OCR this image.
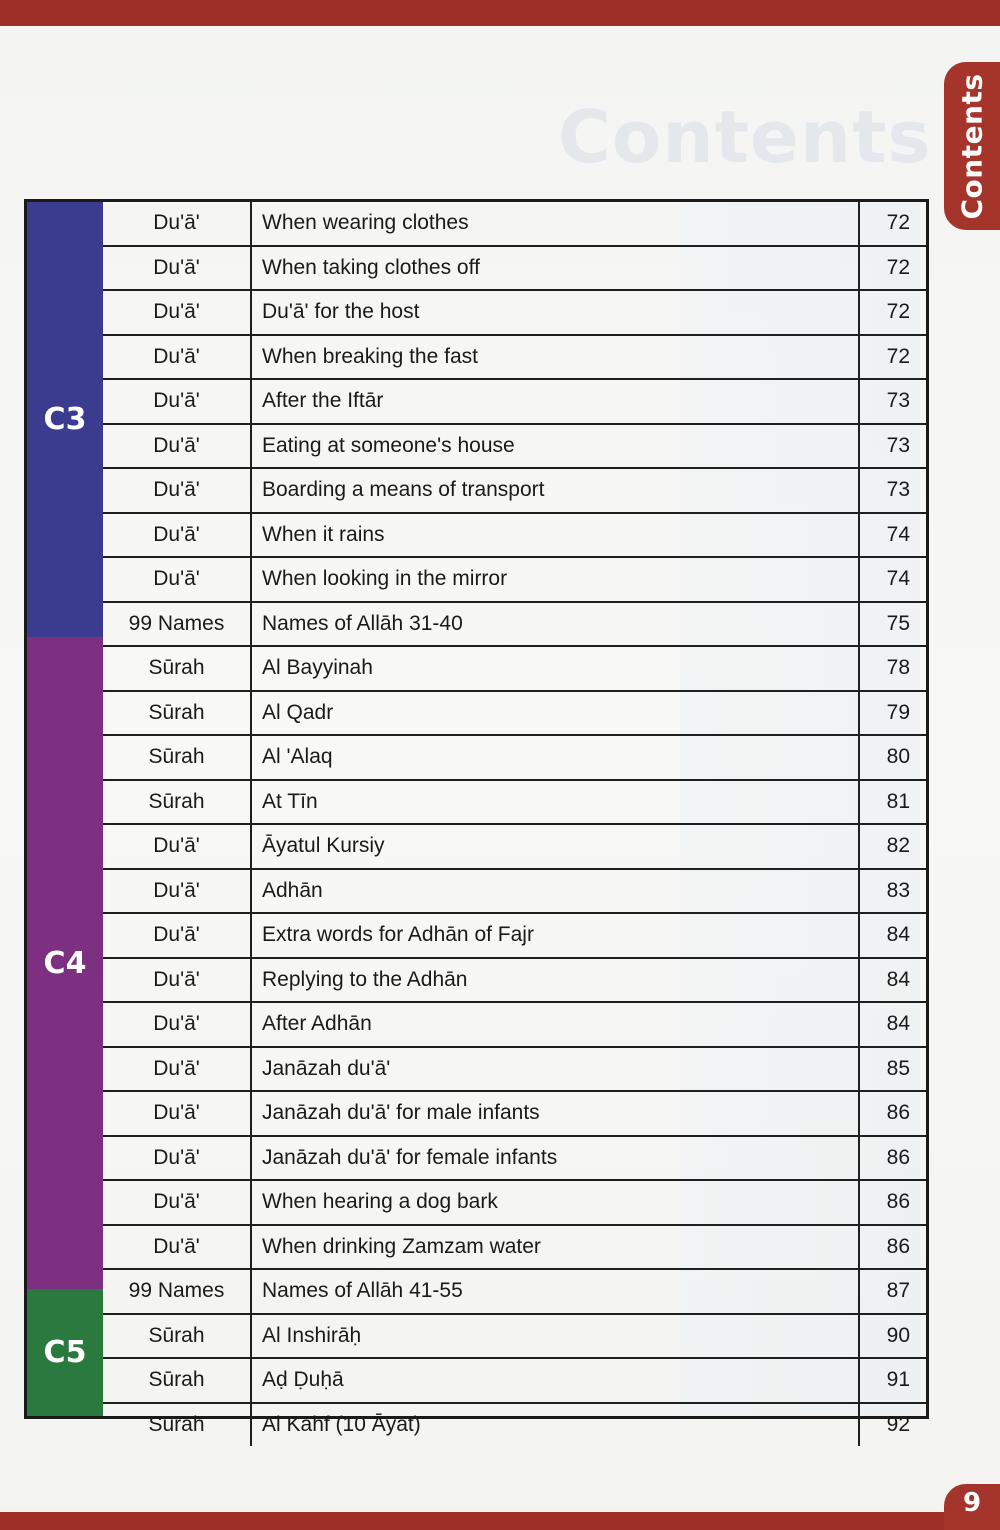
Contents Contents
9
C3
C4
C5
Du'ā'	When wearing clothes	72
Du'ā'	When taking clothes off	72
Du'ā'	Du'ā' for the host	72
Du'ā'	When breaking the fast	72
Du'ā'	After the Iftār	73
Du'ā'	Eating at someone's house	73
Du'ā'	Boarding a means of transport	73
Du'ā'	When it rains	74
Du'ā'	When looking in the mirror	74
99 Names	Names of Allāh 31-40	75
Sūrah	Al Bayyinah	78
Sūrah	Al Qadr	79
Sūrah	Al 'Alaq	80
Sūrah	At Tīn	81
Du'ā'	Āyatul Kursiy	82
Du'ā'	Adhān	83
Du'ā'	Extra words for Adhān of Fajr	84
Du'ā'	Replying to the Adhān	84
Du'ā'	After Adhān	84
Du'ā'	Janāzah du'ā'	85
Du'ā'	Janāzah du'ā' for male infants	86
Du'ā'	Janāzah du'ā' for female infants	86
Du'ā'	When hearing a dog bark	86
Du'ā'	When drinking Zamzam water	86
99 Names	Names of Allāh 41-55	87
Sūrah	Al Inshirāḥ	90
Sūrah	Aḍ Ḍuḥā	91
Sūrah	Al Kahf (10 Āyāt)	92
